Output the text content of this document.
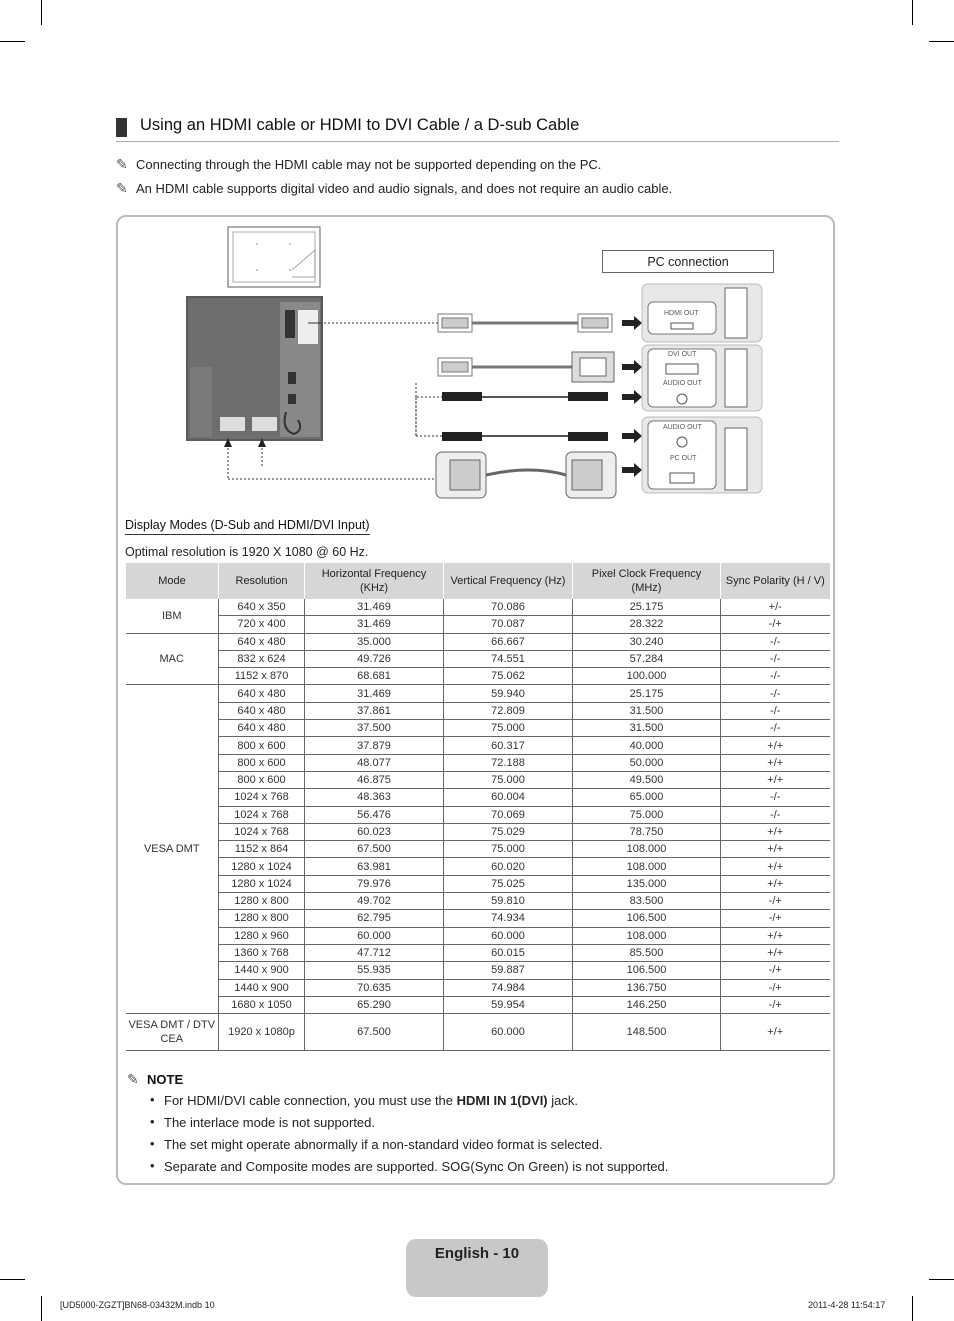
Using an HDMI cable or HDMI to DVI Cable / a D-sub Cable
✎ Connecting through the HDMI cable may not be supported depending on the PC.
✎ An HDMI cable supports digital video and audio signals, and does not require an audio cable.
PC connection
HDMI OUT
DVI OUT
AUDIO OUT
AUDIO OUT
PC OUT
Display Modes (D-Sub and HDMI/DVI Input)
Optimal resolution is 1920 X 1080 @ 60 Hz.
Mode	Resolution	Horizontal Frequency (KHz)	Vertical Frequency (Hz)	Pixel Clock Frequency (MHz)	Sync Polarity (H / V)
IBM	640 x 350	31.469	70.086	25.175	+/-
	720 x 400	31.469	70.087	28.322	-/+
MAC	640 x 480	35.000	66.667	30.240	-/-
	832 x 624	49.726	74.551	57.284	-/-
	1152 x 870	68.681	75.062	100.000	-/-
VESA DMT	640 x 480	31.469	59.940	25.175	-/-
	640 x 480	37.861	72.809	31.500	-/-
	640 x 480	37.500	75.000	31.500	-/-
	800 x 600	37.879	60.317	40.000	+/+
	800 x 600	48.077	72.188	50.000	+/+
	800 x 600	46.875	75.000	49.500	+/+
	1024 x 768	48.363	60.004	65.000	-/-
	1024 x 768	56.476	70.069	75.000	-/-
	1024 x 768	60.023	75.029	78.750	+/+
	1152 x 864	67.500	75.000	108.000	+/+
	1280 x 1024	63.981	60.020	108.000	+/+
	1280 x 1024	79.976	75.025	135.000	+/+
	1280 x 800	49.702	59.810	83.500	-/+
	1280 x 800	62.795	74.934	106.500	-/+
	1280 x 960	60.000	60.000	108.000	+/+
	1360 x 768	47.712	60.015	85.500	+/+
	1440 x 900	55.935	59.887	106.500	-/+
	1440 x 900	70.635	74.984	136.750	-/+
	1680 x 1050	65.290	59.954	146.250	-/+
VESA DMT / DTV CEA	1920 x 1080p	67.500	60.000	148.500	+/+
✎ NOTE
• For HDMI/DVI cable connection, you must use the HDMI IN 1(DVI) jack.
• The interlace mode is not supported.
• The set might operate abnormally if a non-standard video format is selected.
• Separate and Composite modes are supported. SOG(Sync On Green) is not supported.
English - 10
[UD5000-ZGZT]BN68-03432M.indb 10	2011-4-28 11:54:17
